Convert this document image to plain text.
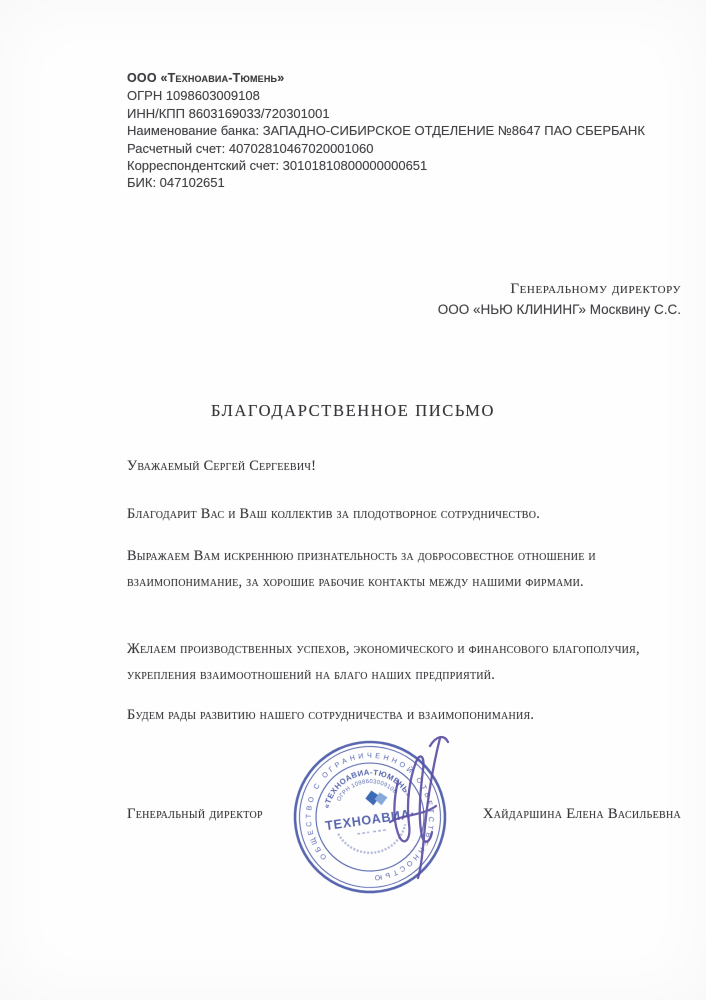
ООО «Техноавиа-Тюмень»
ОГРН 1098603009108
ИНН/КПП 8603169033/720301001
Наименование банка: ЗАПАДНО-СИБИРСКОЕ ОТДЕЛЕНИЕ №8647 ПАО СБЕРБАНК
Расчетный счет: 40702810467020001060
Корреспондентский счет: 30101810800000000651
БИК: 047102651
Генеральному директору
ООО «НЬЮ КЛИНИНГ» Москвину С.С.
БЛАГОДАРСТВЕННОЕ ПИСЬМО
Уважаемый Сергей Сергеевич!
Благодарит Вас и Ваш коллектив за плодотворное сотрудничество.
Выражаем Вам искреннюю признательность за добросовестное отношение и взаимопонимание, за хорошие рабочие контакты между нашими фирмами.
Желаем производственных успехов, экономического и финансового благополучия, укрепления взаимоотношений на благо наших предприятий.
Будем рады развитию нашего сотрудничества и взаимопонимания.
Генеральный директор	Хайдаршина Елена Васильевна
ОБЩЕСТВО С ОГРАНИЧЕННОЙ ОТВЕТСТВЕННОСТЬЮ
«ТЕХНОАВИА-ТЮМЕНЬ»
ОГРН 1098603009108
ТЕХНОАВИА·
